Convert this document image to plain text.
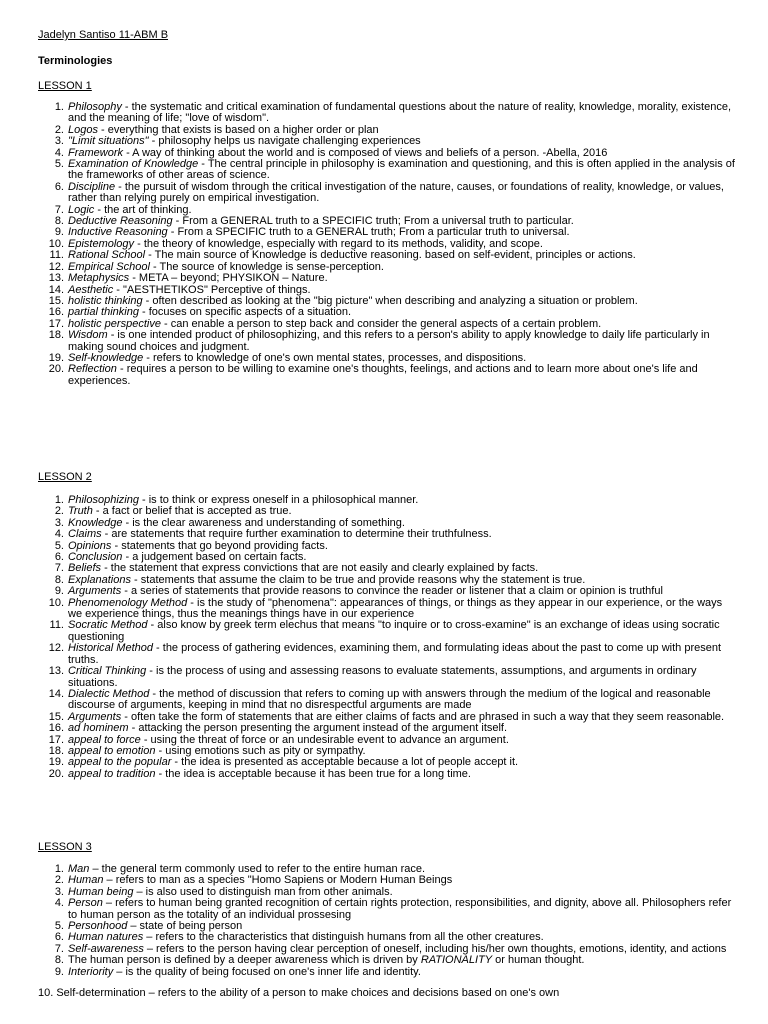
Jadelyn Santiso 11-ABM B
Terminologies
LESSON 1
1. Philosophy - the systematic and critical examination of fundamental questions about the nature of reality, knowledge, morality, existence, and the meaning of life; "love of wisdom".
2. Logos - everything that exists is based on a higher order or plan
3. "Limit situations" - philosophy helps us navigate challenging experiences
4. Framework - A way of thinking about the world and is composed of views and beliefs of a person. -Abella, 2016
5. Examination of Knowledge - The central principle in philosophy is examination and questioning, and this is often applied in the analysis of the frameworks of other areas of science.
6. Discipline - the pursuit of wisdom through the critical investigation of the nature, causes, or foundations of reality, knowledge, or values, rather than relying purely on empirical investigation.
7. Logic - the art of thinking.
8. Deductive Reasoning - From a GENERAL truth to a SPECIFIC truth; From a universal truth to particular.
9. Inductive Reasoning - From a SPECIFIC truth to a GENERAL truth; From a particular truth to universal.
10. Epistemology - the theory of knowledge, especially with regard to its methods, validity, and scope.
11. Rational School - The main source of Knowledge is deductive reasoning. based on self-evident, principles or actions.
12. Empirical School - The source of knowledge is sense-perception.
13. Metaphysics - META – beyond; PHYSIKON – Nature.
14. Aesthetic - "AESTHETIKOS" Perceptive of things.
15. holistic thinking - often described as looking at the "big picture" when describing and analyzing a situation or problem.
16. partial thinking - focuses on specific aspects of a situation.
17. holistic perspective - can enable a person to step back and consider the general aspects of a certain problem.
18. Wisdom - is one intended product of philosophizing, and this refers to a person's ability to apply knowledge to daily life particularly in making sound choices and judgment.
19. Self-knowledge - refers to knowledge of one's own mental states, processes, and dispositions.
20. Reflection - requires a person to be willing to examine one's thoughts, feelings, and actions and to learn more about one's life and experiences.
LESSON 2
1. Philosophizing - is to think or express oneself in a philosophical manner.
2. Truth - a fact or belief that is accepted as true.
3. Knowledge - is the clear awareness and understanding of something.
4. Claims - are statements that require further examination to determine their truthfulness.
5. Opinions - statements that go beyond providing facts.
6. Conclusion - a judgement based on certain facts.
7. Beliefs - the statement that express convictions that are not easily and clearly explained by facts.
8. Explanations - statements that assume the claim to be true and provide reasons why the statement is true.
9. Arguments - a series of statements that provide reasons to convince the reader or listener that a claim or opinion is truthful
10. Phenomenology Method - is the study of "phenomena": appearances of things, or things as they appear in our experience, or the ways we experience things, thus the meanings things have in our experience
11. Socratic Method - also know by greek term elechus that means "to inquire or to cross-examine" is an exchange of ideas using socratic questioning
12. Historical Method - the process of gathering evidences, examining them, and formulating ideas about the past to come up with present truths.
13. Critical Thinking - is the process of using and assessing reasons to evaluate statements, assumptions, and arguments in ordinary situations.
14. Dialectic Method - the method of discussion that refers to coming up with answers through the medium of the logical and reasonable discourse of arguments, keeping in mind that no disrespectful arguments are made
15. Arguments - often take the form of statements that are either claims of facts and are phrased in such a way that they seem reasonable.
16. ad hominem - attacking the person presenting the argument instead of the argument itself.
17. appeal to force - using the threat of force or an undesirable event to advance an argument.
18. appeal to emotion - using emotions such as pity or sympathy.
19. appeal to the popular - the idea is presented as acceptable because a lot of people accept it.
20. appeal to tradition - the idea is acceptable because it has been true for a long time.
LESSON 3
1. Man – the general term commonly used to refer to the entire human race.
2. Human – refers to man as a species "Homo Sapiens or Modern Human Beings
3. Human being – is also used to distinguish man from other animals.
4. Person – refers to human being granted recognition of certain rights protection, responsibilities, and dignity, above all. Philosophers refer to human person as the totality of an individual prossesing
5. Personhood – state of being person
6. Human natures – refers to the characteristics that distinguish humans from all the other creatures.
7. Self-awareness – refers to the person having clear perception of oneself, including his/her own thoughts, emotions, identity, and actions
8. The human person is defined by a deeper awareness which is driven by RATIONALITY or human thought.
9. Interiority – is the quality of being focused on one's inner life and identity.
10. Self-determination – refers to the ability of a person to make choices and decisions based on one's own
